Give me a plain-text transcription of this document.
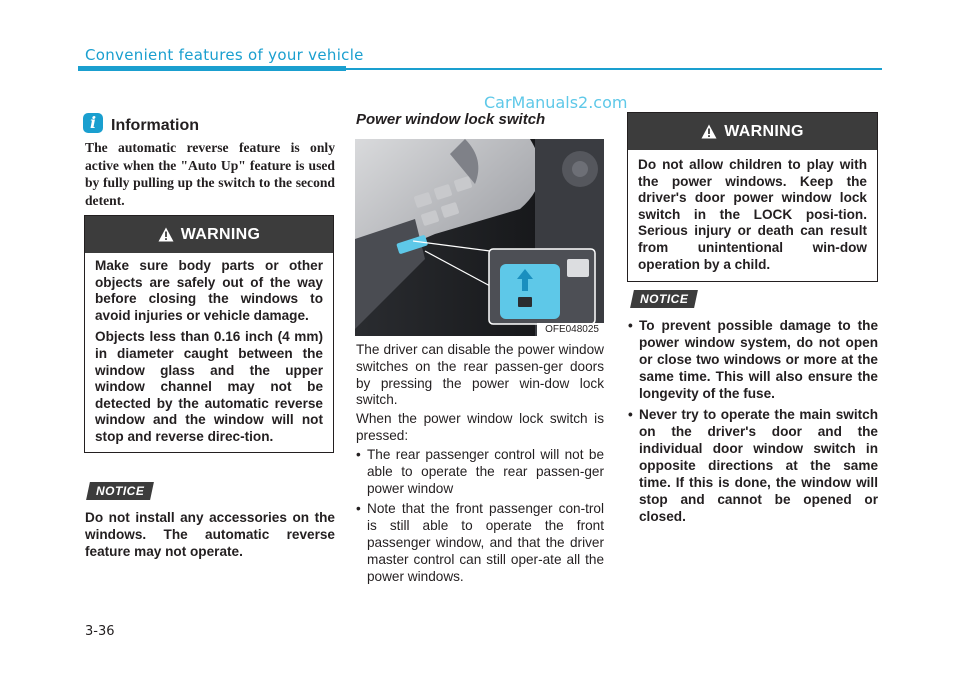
Convenient features of your vehicle
CarManuals2.com
i Information
The automatic reverse feature is only active when the "Auto Up" feature is used by fully pulling up the switch to the second detent.
WARNING

Make sure body parts or other objects are safely out of the way before closing the windows to avoid injuries or vehicle damage.

Objects less than 0.16 inch (4 mm) in diameter caught between the window glass and the upper window channel may not be detected by the automatic reverse window and the window will not stop and reverse direc-tion.

NOTICE
Do not install any accessories on the windows. The automatic reverse feature may not operate.
Power window lock switch
OFE048025
The driver can disable the power window switches on the rear passen-ger doors by pressing the power win-dow lock switch.
When the power window lock switch is pressed:
• The rear passenger control will not be able to operate the rear passen-ger power window
• Note that the front passenger con-trol is still able to operate the front passenger window, and that the driver master control can still oper-ate all the power windows.
WARNING

Do not allow children to play with the power windows. Keep the driver's door power window lock switch in the LOCK posi-tion. Serious injury or death can result from unintentional win-dow operation by a child.

NOTICE
• To prevent possible damage to the power window system, do not open or close two windows or more at the same time. This will also ensure the longevity of the fuse.
• Never try to operate the main switch on the driver's door and the individual door window switch in opposite directions at the same time. If this is done, the window will stop and cannot be opened or closed.
3-36
